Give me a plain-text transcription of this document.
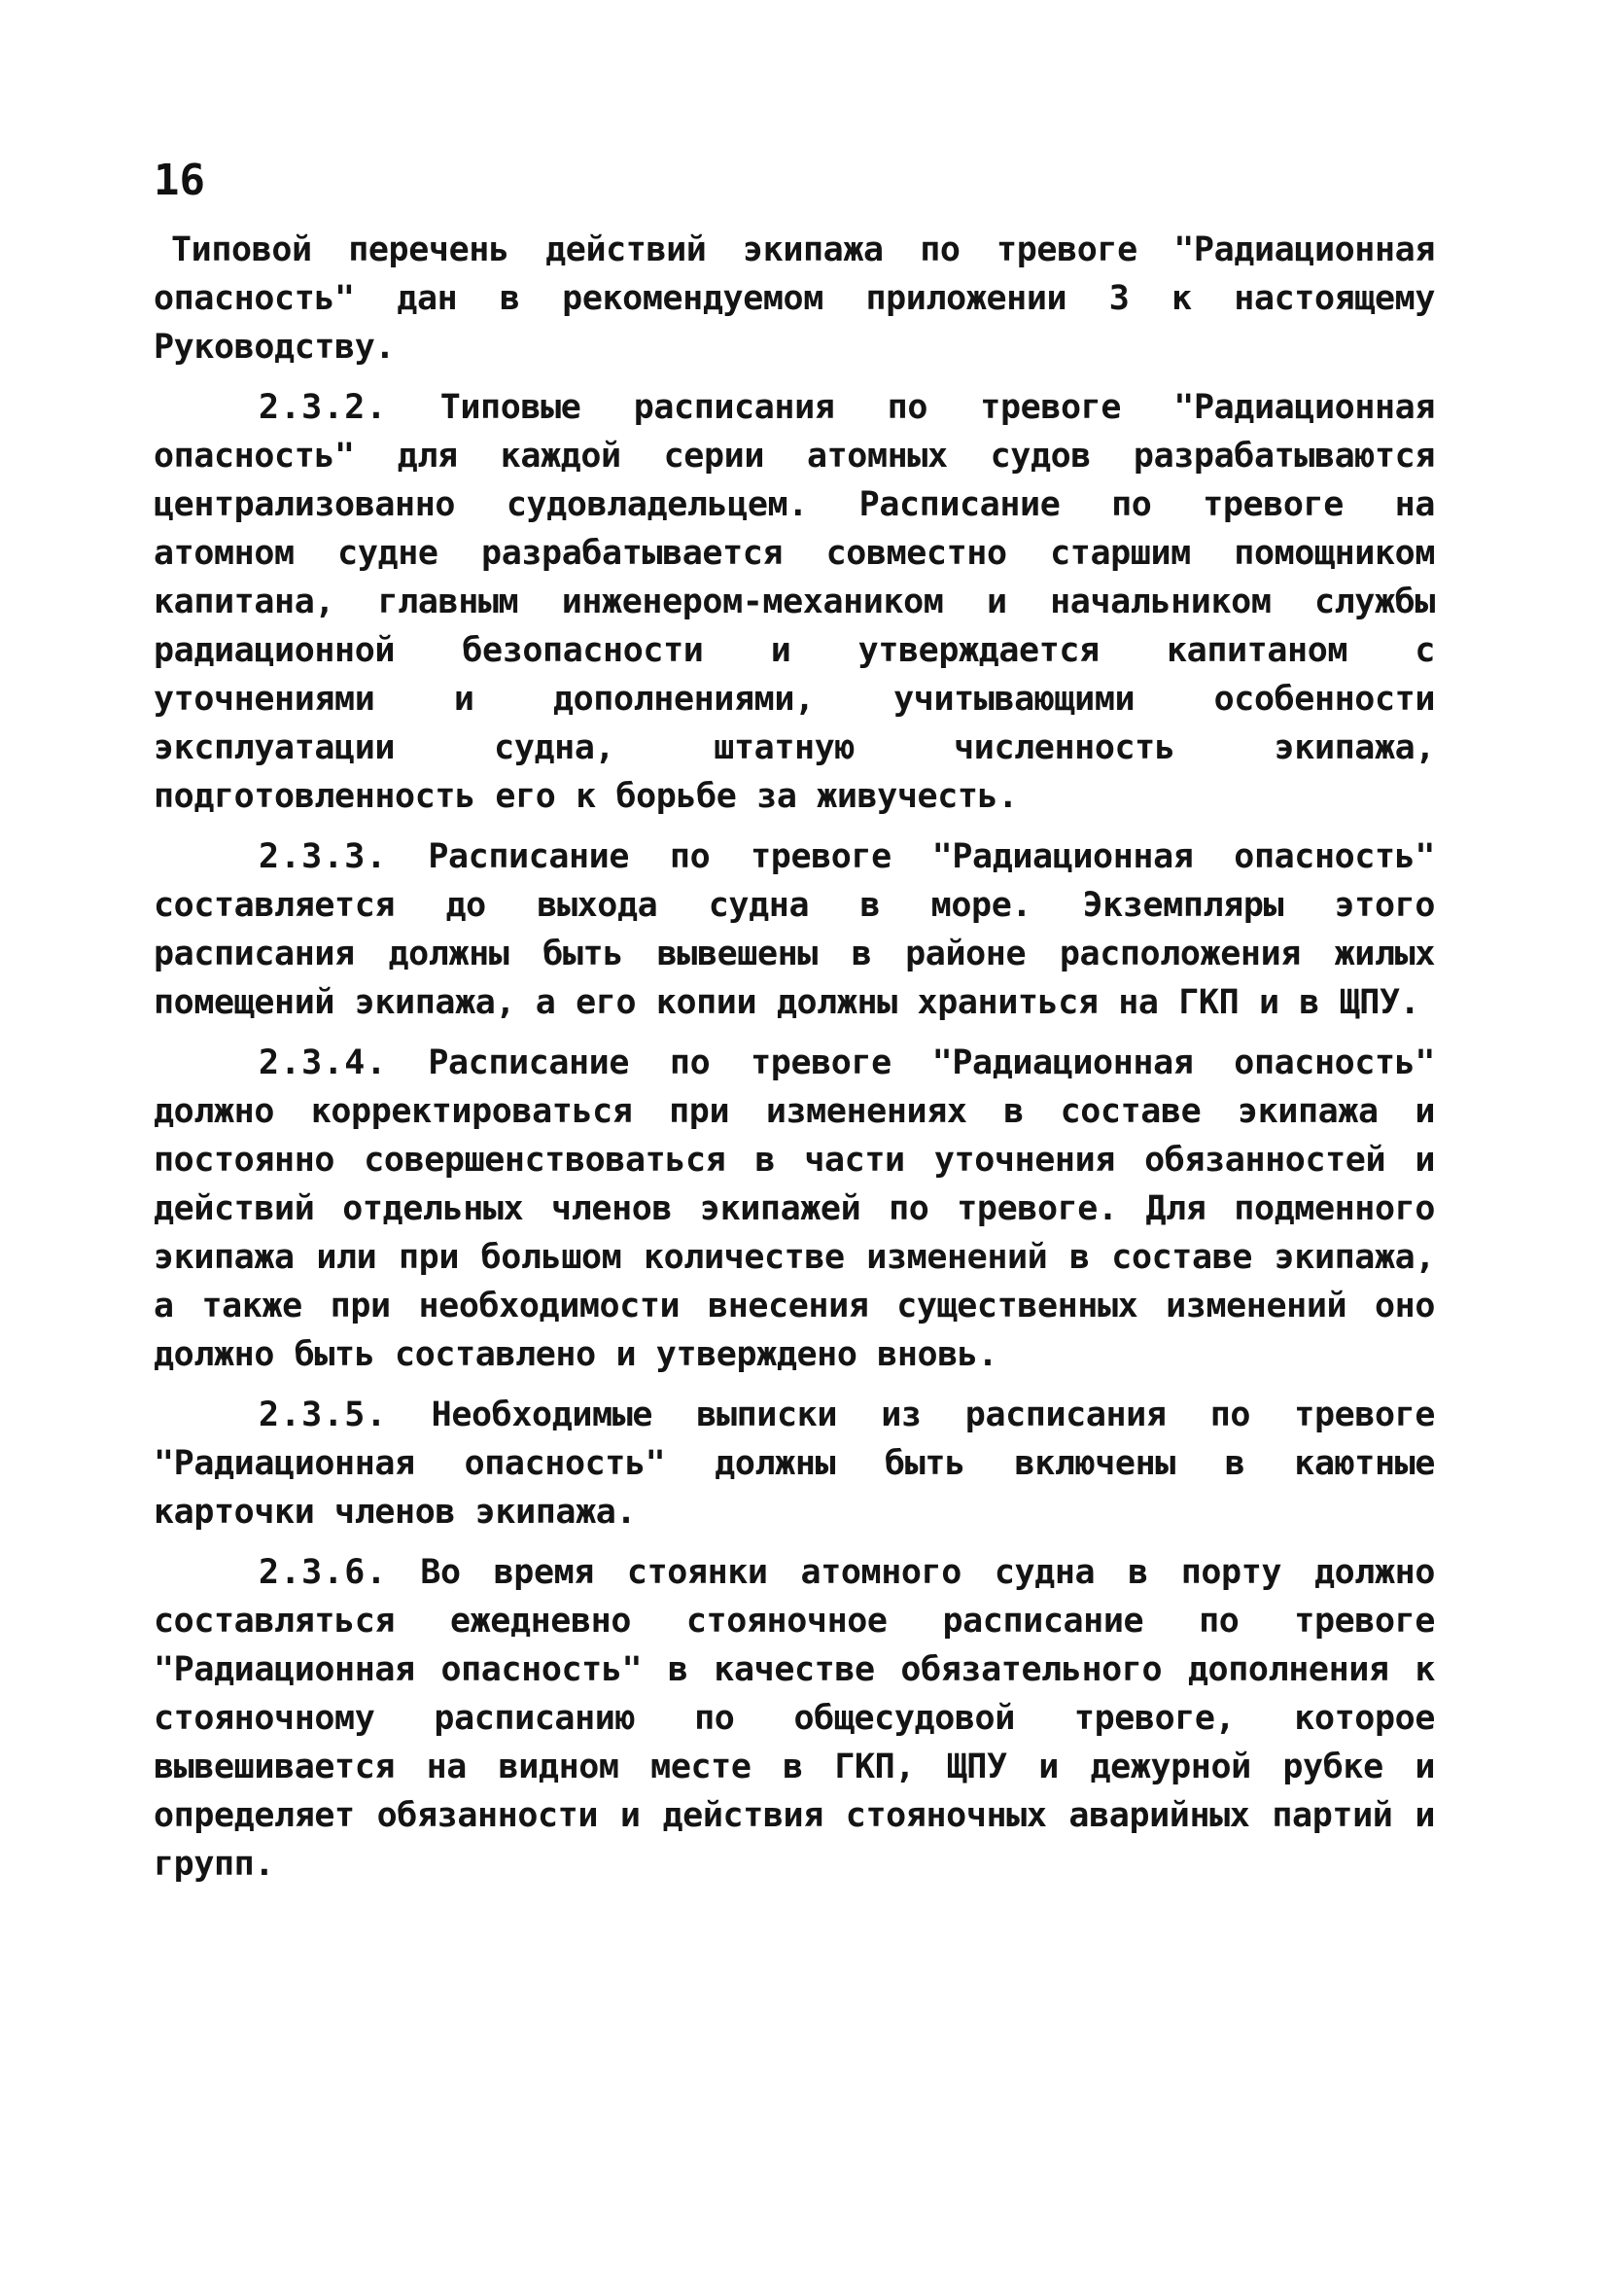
16

Типовой перечень действий экипажа по тревоге "Радиационная опасность" дан в рекомендуемом приложении 3 к настоящему Руководству.

2.3.2. Типовые расписания по тревоге "Радиационная опасность" для каждой серии атомных судов разрабатываются централизованно судовладельцем. Расписание по тревоге на атомном судне разрабатывается совместно старшим помощником капитана, главным инженером-механиком и начальником службы радиационной безопасности и утверждается капитаном с уточнениями и дополнениями, учитывающими особенности эксплуатации судна, штатную численность экипажа, подготовленность его к борьбе за живучесть.

2.3.3. Расписание по тревоге "Радиационная опасность" составляется до выхода судна в море. Экземпляры этого расписания должны быть вывешены в районе расположения жилых помещений экипажа, а его копии должны храниться на ГКП и в ЩПУ.

2.3.4. Расписание по тревоге "Радиационная опасность" должно корректироваться при изменениях в составе экипажа и постоянно совершенствоваться в части уточнения обязанностей и действий отдельных членов экипажей по тревоге. Для подменного экипажа или при большом количестве изменений в составе экипажа, а также при необходимости внесения существенных изменений оно должно быть составлено и утверждено вновь.

2.3.5. Необходимые выписки из расписания по тревоге "Радиационная опасность" должны быть включены в каютные карточки членов экипажа.

2.3.6. Во время стоянки атомного судна в порту должно составляться ежедневно стояночное расписание по тревоге "Радиационная опасность" в качестве обязательного дополнения к стояночному расписанию по общесудовой тревоге, которое вывешивается на видном месте в ГКП, ЩПУ и дежурной рубке и определяет обязанности и действия стояночных аварийных партий и групп.
